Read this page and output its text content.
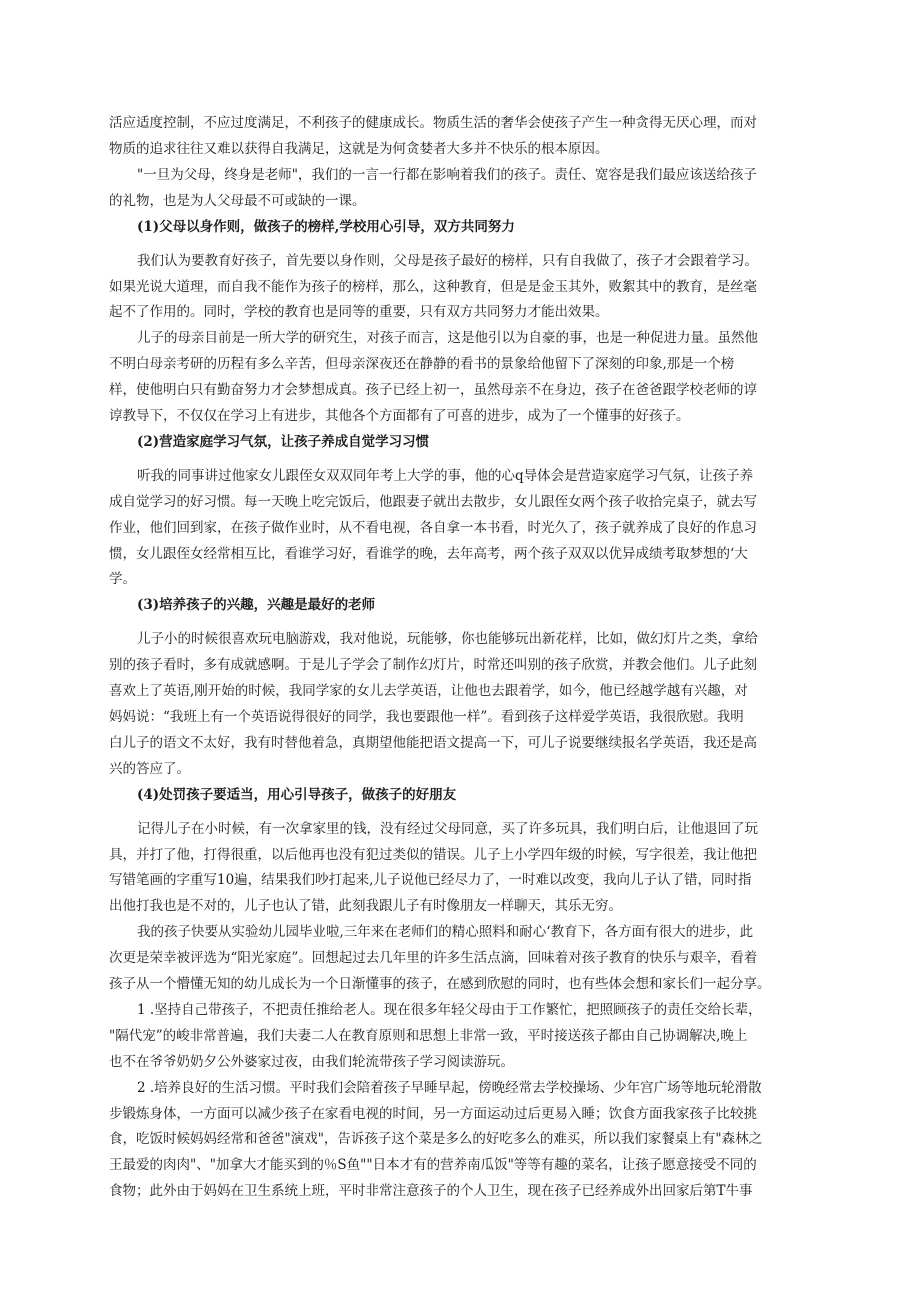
活应适度控制，不应过度满足，不利孩子的健康成长。物质生活的奢华会使孩子产生一种贪得无厌心理，而对
物质的追求往往又难以获得自我满足，这就是为何贪婪者大多并不快乐的根本原因。
"一旦为父母，终身是老师"，我们的一言一行都在影响着我们的孩子。责任、宽容是我们最应该送给孩子
的礼物，也是为人父母最不可或缺的一课。
(1)父母以身作则，做孩子的榜样,学校用心引导，双方共同努力
我们认为要教育好孩子，首先要以身作则，父母是孩子最好的榜样，只有自我做了，孩子才会跟着学习。
如果光说大道理，而自我不能作为孩子的榜样，那么，这种教育，但是是金玉其外，败絮其中的教育，是丝毫
起不了作用的。同时，学校的教育也是同等的重要，只有双方共同努力才能出效果。
儿子的母亲目前是一所大学的研究生，对孩子而言，这是他引以为自豪的事，也是一种促进力量。虽然他
不明白母亲考研的历程有多么辛苦，但母亲深夜还在静静的看书的景象给他留下了深刻的印象,那是一个榜
样，使他明白只有勤奋努力才会梦想成真。孩子已经上初一，虽然母亲不在身边，孩子在爸爸跟学校老师的谆
谆教导下，不仅仅在学习上有进步，其他各个方面都有了可喜的进步，成为了一个懂事的好孩子。
(2)营造家庭学习气氛，让孩子养成自觉学习习惯
听我的同事讲过他家女儿跟侄女双双同年考上大学的事，他的心q导体会是营造家庭学习气氛，让孩子养
成自觉学习的好习惯。每一天晚上吃完饭后，他跟妻子就出去散步，女儿跟侄女两个孩子收拾完桌子，就去写
作业，他们回到家，在孩子做作业时，从不看电视，各自拿一本书看，时光久了，孩子就养成了良好的作息习
惯，女儿跟侄女经常相互比，看谁学习好，看谁学的晚，去年高考，两个孩子双双以优异成绩考取梦想的‘大
学。
(3)培养孩子的兴趣，兴趣是最好的老师
儿子小的时候很喜欢玩电脑游戏，我对他说，玩能够，你也能够玩出新花样，比如，做幻灯片之类，拿给
别的孩子看时，多有成就感啊。于是儿子学会了制作幻灯片，时常还叫别的孩子欣赏，并教会他们。儿子此刻
喜欢上了英语,刚开始的时候，我同学家的女儿去学英语，让他也去跟着学，如今，他已经越学越有兴趣，对
妈妈说：“我班上有一个英语说得很好的同学，我也要跟他一样”。看到孩子这样爱学英语，我很欣慰。我明
白儿子的语文不太好，我有时替他着急，真期望他能把语文提高一下，可儿子说要继续报名学英语，我还是高
兴的答应了。
(4)处罚孩子要适当，用心引导孩子，做孩子的好朋友
记得儿子在小时候，有一次拿家里的钱，没有经过父母同意，买了许多玩具，我们明白后，让他退回了玩
具，并打了他，打得很重，以后他再也没有犯过类似的错误。儿子上小学四年级的时候，写字很差，我让他把
写错笔画的字重写10遍，结果我们吵打起来,儿子说他已经尽力了，一时难以改变，我向儿子认了错，同时指
出他打我也是不对的，儿子也认了错，此刻我跟儿子有时像朋友一样聊天，其乐无穷。
我的孩子快要从实验幼儿园毕业啦,三年来在老师们的精心照料和耐心‘教育下，各方面有很大的进步，此
次更是荣幸被评选为“阳光家庭”。回想起过去几年里的许多生活点滴，回味着对孩子教育的快乐与艰辛，看着
孩子从一个懵懂无知的幼儿成长为一个日渐懂事的孩子，在感到欣慰的同时，也有些体会想和家长们一起分享。
1 .坚持自己带孩子，不把责任推给老人。现在很多年轻父母由于工作繁忙，把照顾孩子的责任交给长辈，
"隔代宠”的峻非常普遍，我们夫妻二人在教育原则和思想上非常一致，平时接送孩子都由自己协调解决,晚上
也不在爷爷奶奶夕公外婆家过夜，由我们轮流带孩子学习阅读游玩。
2 .培养良好的生活习惯。平时我们会陪着孩子早睡早起，傍晚经常去学校操场、少年宫广场等地玩轮滑散
步锻炼身体，一方面可以减少孩子在家看电视的时间，另一方面运动过后更易入睡；饮食方面我家孩子比较挑
食，吃饭时候妈妈经常和爸爸"演戏"，告诉孩子这个菜是多么的好吃多么的难买，所以我们家餐桌上有"森林之
王最爱的肉肉"、"加拿大才能买到的％S鱼""日本才有的营养南瓜饭"等等有趣的菜名，让孩子愿意接受不同的
食物；此外由于妈妈在卫生系统上班，平时非常注意孩子的个人卫生，现在孩子已经养成外出回家后第T牛事
